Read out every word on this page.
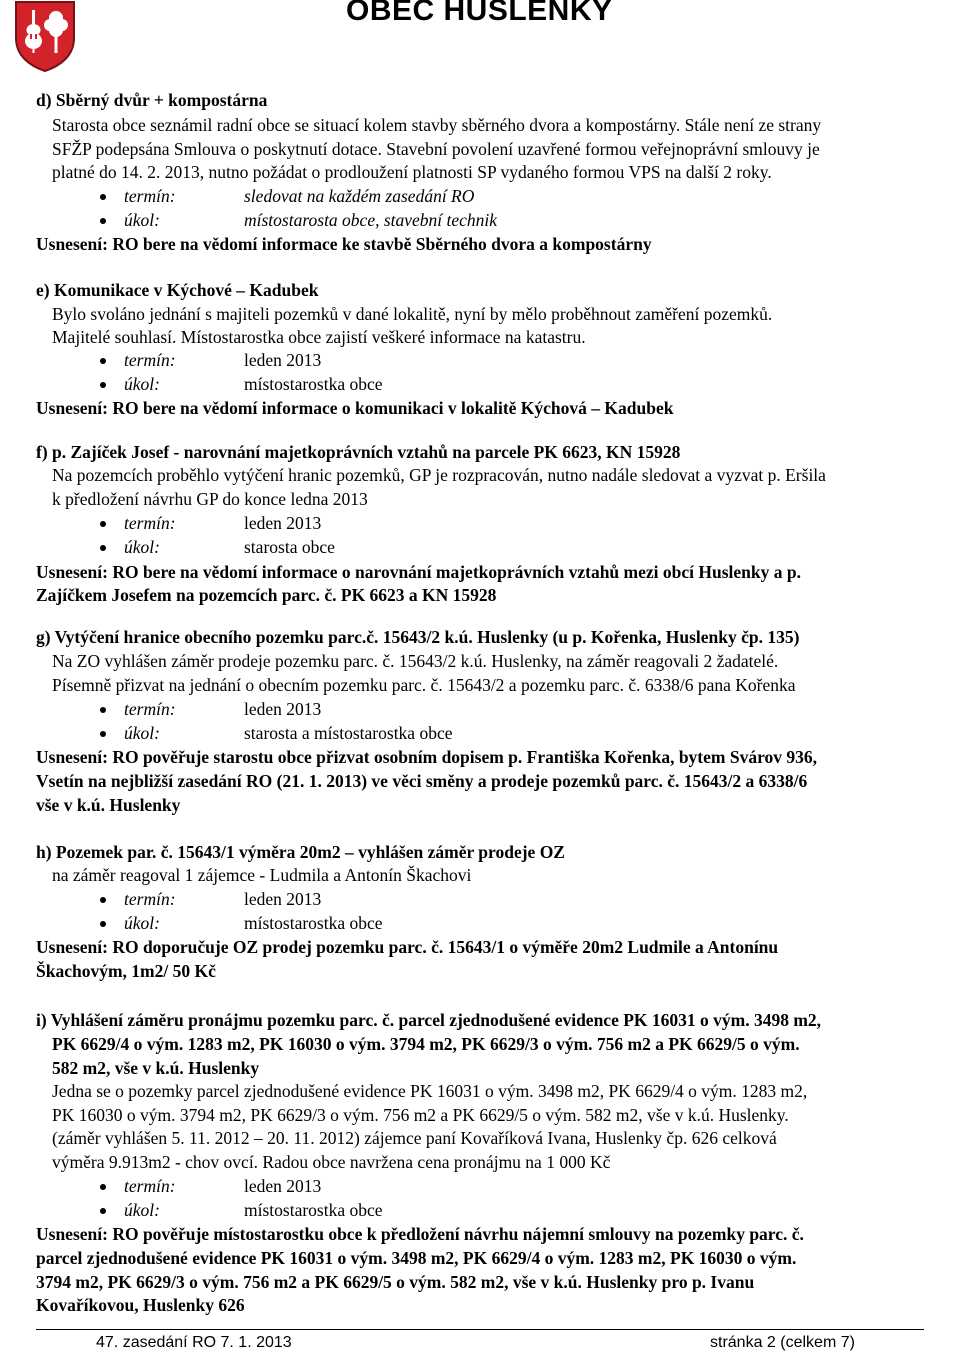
OBEC HUSLENKY
d) Sběrný dvůr + kompostárna
Starosta obce seznámil radní obce se situací kolem stavby sběrného dvora a kompostárny. Stále není ze strany
SFŽP podepsána Smlouva o poskytnutí dotace. Stavební povolení uzavřené formou veřejnoprávní smlouvy je
platné do 14. 2. 2013, nutno požádat o prodloužení platnosti SP vydaného formou VPS na další 2 roky.
termín:	sledovat na každém zasedání RO
úkol:	místostarosta obce, stavební technik
Usnesení: RO bere na vědomí informace ke stavbě Sběrného dvora a kompostárny
e) Komunikace v Kýchové – Kadubek
Bylo svoláno jednání s majiteli pozemků v dané lokalitě, nyní by mělo proběhnout zaměření pozemků.
Majitelé souhlasí. Místostarostka obce zajistí veškeré informace na katastru.
termín:	leden 2013
úkol:	místostarostka obce
Usnesení: RO bere na vědomí informace o komunikaci v lokalitě Kýchová – Kadubek
f) p. Zajíček Josef - narovnání majetkoprávních vztahů na parcele PK 6623, KN 15928
Na pozemcích proběhlo vytýčení hranic pozemků, GP je rozpracován, nutno nadále sledovat a vyzvat p. Eršila
k předložení návrhu GP do konce ledna 2013
termín:	leden 2013
úkol:	starosta obce
Usnesení: RO bere na vědomí informace o narovnání majetkoprávních vztahů mezi obcí Huslenky a p.
Zajíčkem Josefem na pozemcích parc. č. PK 6623 a KN 15928
g) Vytýčení hranice obecního pozemku parc.č. 15643/2 k.ú. Huslenky (u p. Kořenka, Huslenky čp. 135)
Na ZO vyhlášen záměr prodeje pozemku parc. č. 15643/2 k.ú. Huslenky, na záměr reagovali 2 žadatelé.
Písemně přizvat na jednání o obecním pozemku parc. č. 15643/2 a pozemku parc. č. 6338/6 pana Kořenka
termín:	leden 2013
úkol:	starosta a místostarostka obce
Usnesení: RO pověřuje starostu obce přizvat osobním dopisem p. Františka Kořenka, bytem Svárov 936,
Vsetín na nejbližší zasedání RO (21. 1. 2013) ve věci směny a prodeje pozemků parc. č. 15643/2 a 6338/6
vše v k.ú. Huslenky
h) Pozemek par. č. 15643/1 výměra 20m2 – vyhlášen záměr prodeje OZ
na záměr reagoval 1 zájemce - Ludmila a Antonín Škachovi
termín:	leden 2013
úkol:	místostarostka obce
Usnesení: RO doporučuje OZ prodej pozemku parc. č. 15643/1 o výměře 20m2 Ludmile a Antonínu
Škachovým, 1m2/ 50 Kč
i) Vyhlášení záměru pronájmu pozemku parc. č. parcel zjednodušené evidence PK 16031 o vým. 3498 m2,
PK 6629/4 o vým. 1283 m2, PK 16030 o vým. 3794 m2, PK 6629/3 o vým. 756 m2 a PK 6629/5 o vým.
582 m2, vše v k.ú. Huslenky
Jedna se o pozemky parcel zjednodušené evidence PK 16031 o vým. 3498 m2, PK 6629/4 o vým. 1283 m2,
PK 16030 o vým. 3794 m2, PK 6629/3 o vým. 756 m2 a PK 6629/5 o vým. 582 m2, vše v k.ú. Huslenky.
(záměr vyhlášen 5. 11. 2012 – 20. 11. 2012) zájemce paní Kovaříková Ivana, Huslenky čp. 626 celková
výměra 9.913m2 - chov ovcí. Radou obce navržena cena pronájmu na 1 000 Kč
termín:	leden 2013
úkol:	místostarostka obce
Usnesení: RO pověřuje místostarostku obce k předložení návrhu nájemní smlouvy na pozemky parc. č.
parcel zjednodušené evidence PK 16031 o vým. 3498 m2, PK 6629/4 o vým. 1283 m2, PK 16030 o vým.
3794 m2, PK 6629/3 o vým. 756 m2 a PK 6629/5 o vým. 582 m2, vše v k.ú. Huslenky pro p. Ivanu
Kovaříkovou, Huslenky 626
47. zasedání RO 7. 1. 2013	stránka 2 (celkem 7)
